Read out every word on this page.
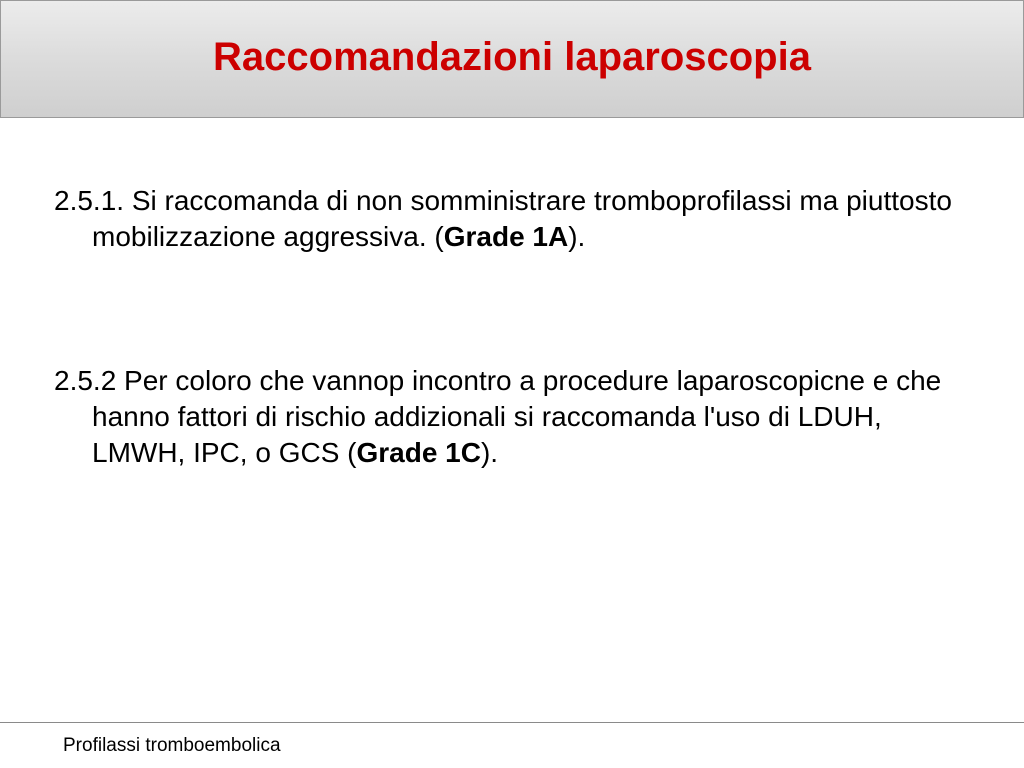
Raccomandazioni laparoscopia

2.5.1. Si raccomanda di non somministrare tromboprofilassi ma piuttosto mobilizzazione aggressiva. (Grade 1A).

2.5.2 Per coloro che vannop incontro a procedure laparoscopicne e che hanno fattori di rischio addizionali si raccomanda l'uso di LDUH, LMWH, IPC, o GCS (Grade 1C).

Profilassi tromboembolica
